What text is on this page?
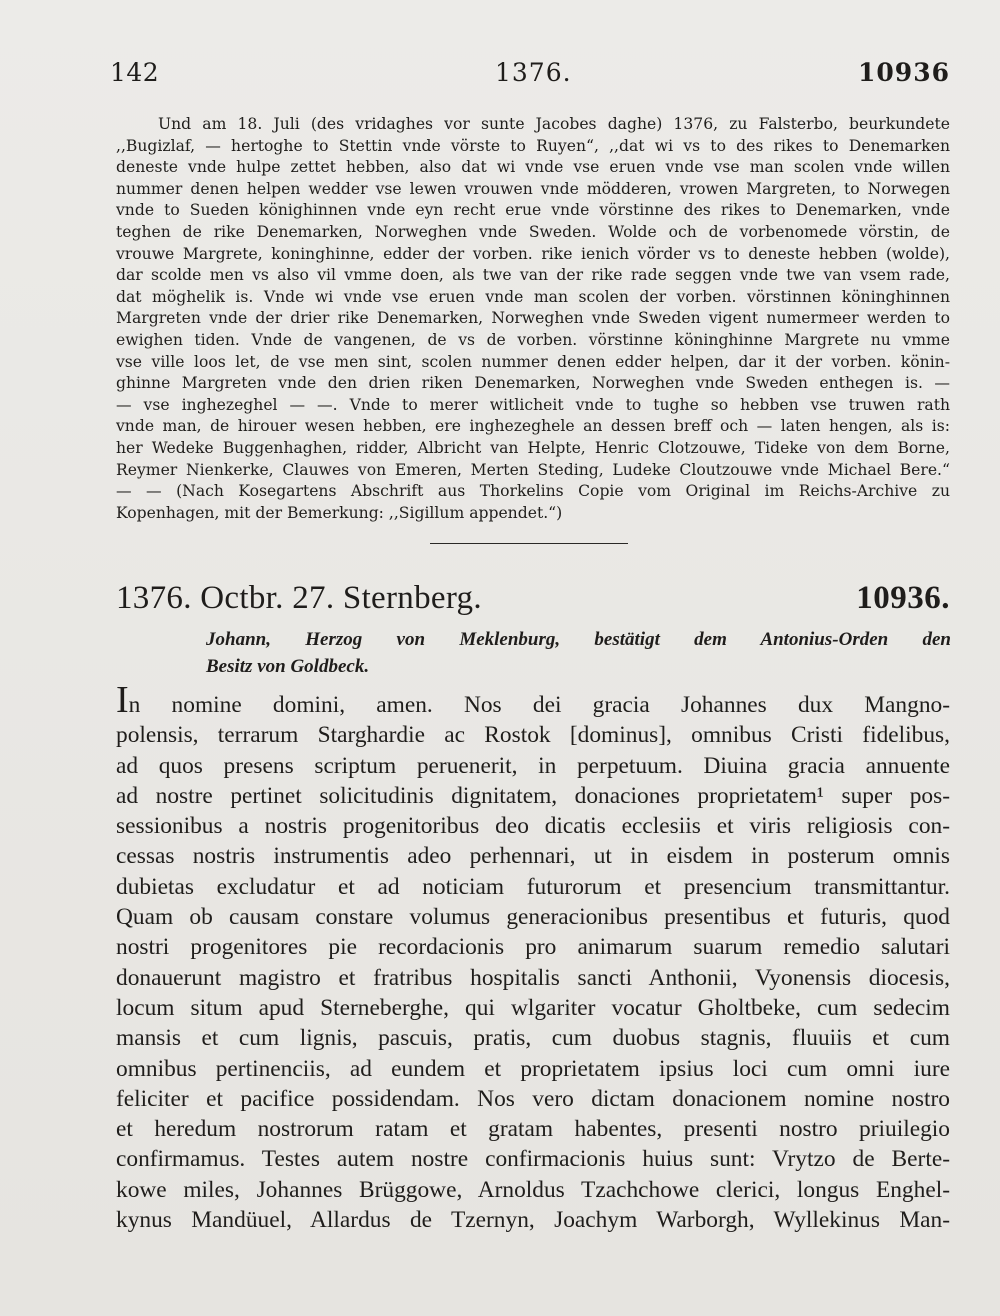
142	1376.	10936
Und am 18. Juli (des vridaghes vor sunte Jacobes daghe) 1376, zu Falsterbo, beurkundete
,,Bugizlaf, — hertoghe to Stettin vnde vörste to Ruyen“, ,,dat wi vs to des rikes to Denemarken
deneste vnde hulpe zettet hebben, also dat wi vnde vse eruen vnde vse man scolen vnde willen
nummer denen helpen wedder vse lewen vrouwen vnde mödderen, vrowen Margreten, to Norwegen
vnde to Sueden könighinnen vnde eyn recht erue vnde vörstinne des rikes to Denemarken, vnde
teghen de rike Denemarken, Norweghen vnde Sweden. Wolde och de vorbenomede vörstin, de
vrouwe Margrete, koninghinne, edder der vorben. rike ienich vörder vs to deneste hebben (wolde),
dar scolde men vs also vil vmme doen, als twe van der rike rade seggen vnde twe van vsem rade,
dat möghelik is. Vnde wi vnde vse eruen vnde man scolen der vorben. vörstinnen köninghinnen
Margreten vnde der drier rike Denemarken, Norweghen vnde Sweden vigent numermeer werden to
ewighen tiden. Vnde de vangenen, de vs de vorben. vörstinne köninghinne Margrete nu vmme
vse ville loos let, de vse men sint, scolen nummer denen edder helpen, dar it der vorben. könin-
ghinne Margreten vnde den drien riken Denemarken, Norweghen vnde Sweden enthegen is. —
— vse inghezeghel — —. Vnde to merer witlicheit vnde to tughe so hebben vse truwen rath
vnde man, de hirouer wesen hebben, ere inghezeghele an dessen breff och — laten hengen, als is:
her Wedeke Buggenhaghen, ridder, Albricht van Helpte, Henric Clotzouwe, Tideke von dem Borne,
Reymer Nienkerke, Clauwes von Emeren, Merten Steding, Ludeke Cloutzouwe vnde Michael Bere.“
— — (Nach Kosegartens Abschrift aus Thorkelins Copie vom Original im Reichs-Archive zu
Kopenhagen, mit der Bemerkung: ,,Sigillum appendet.“)
1376. Octbr. 27. Sternberg.	10936.
Johann, Herzog von Meklenburg, bestätigt dem Antonius-Orden den
Besitz von Goldbeck.
In nomine domini, amen. Nos dei gracia Johannes dux Mangno-
polensis, terrarum Starghardie ac Rostok [dominus], omnibus Cristi fidelibus,
ad quos presens scriptum peruenerit, in perpetuum. Diuina gracia annuente
ad nostre pertinet solicitudinis dignitatem, donaciones proprietatem¹ super pos-
sessionibus a nostris progenitoribus deo dicatis ecclesiis et viris religiosis con-
cessas nostris instrumentis adeo perhennari, ut in eisdem in posterum omnis
dubietas excludatur et ad noticiam futurorum et presencium transmittantur.
Quam ob causam constare volumus generacionibus presentibus et futuris, quod
nostri progenitores pie recordacionis pro animarum suarum remedio salutari
donauerunt magistro et fratribus hospitalis sancti Anthonii, Vyonensis diocesis,
locum situm apud Sterneberghe, qui wlgariter vocatur Gholtbeke, cum sedecim
mansis et cum lignis, pascuis, pratis, cum duobus stagnis, fluuiis et cum
omnibus pertinenciis, ad eundem et proprietatem ipsius loci cum omni iure
feliciter et pacifice possidendam. Nos vero dictam donacionem nomine nostro
et heredum nostrorum ratam et gratam habentes, presenti nostro priuilegio
confirmamus. Testes autem nostre confirmacionis huius sunt: Vrytzo de Berte-
kowe miles, Johannes Brüggowe, Arnoldus Tzachchowe clerici, longus Enghel-
kynus Mandüuel, Allardus de Tzernyn, Joachym Warborgh, Wyllekinus Man-
